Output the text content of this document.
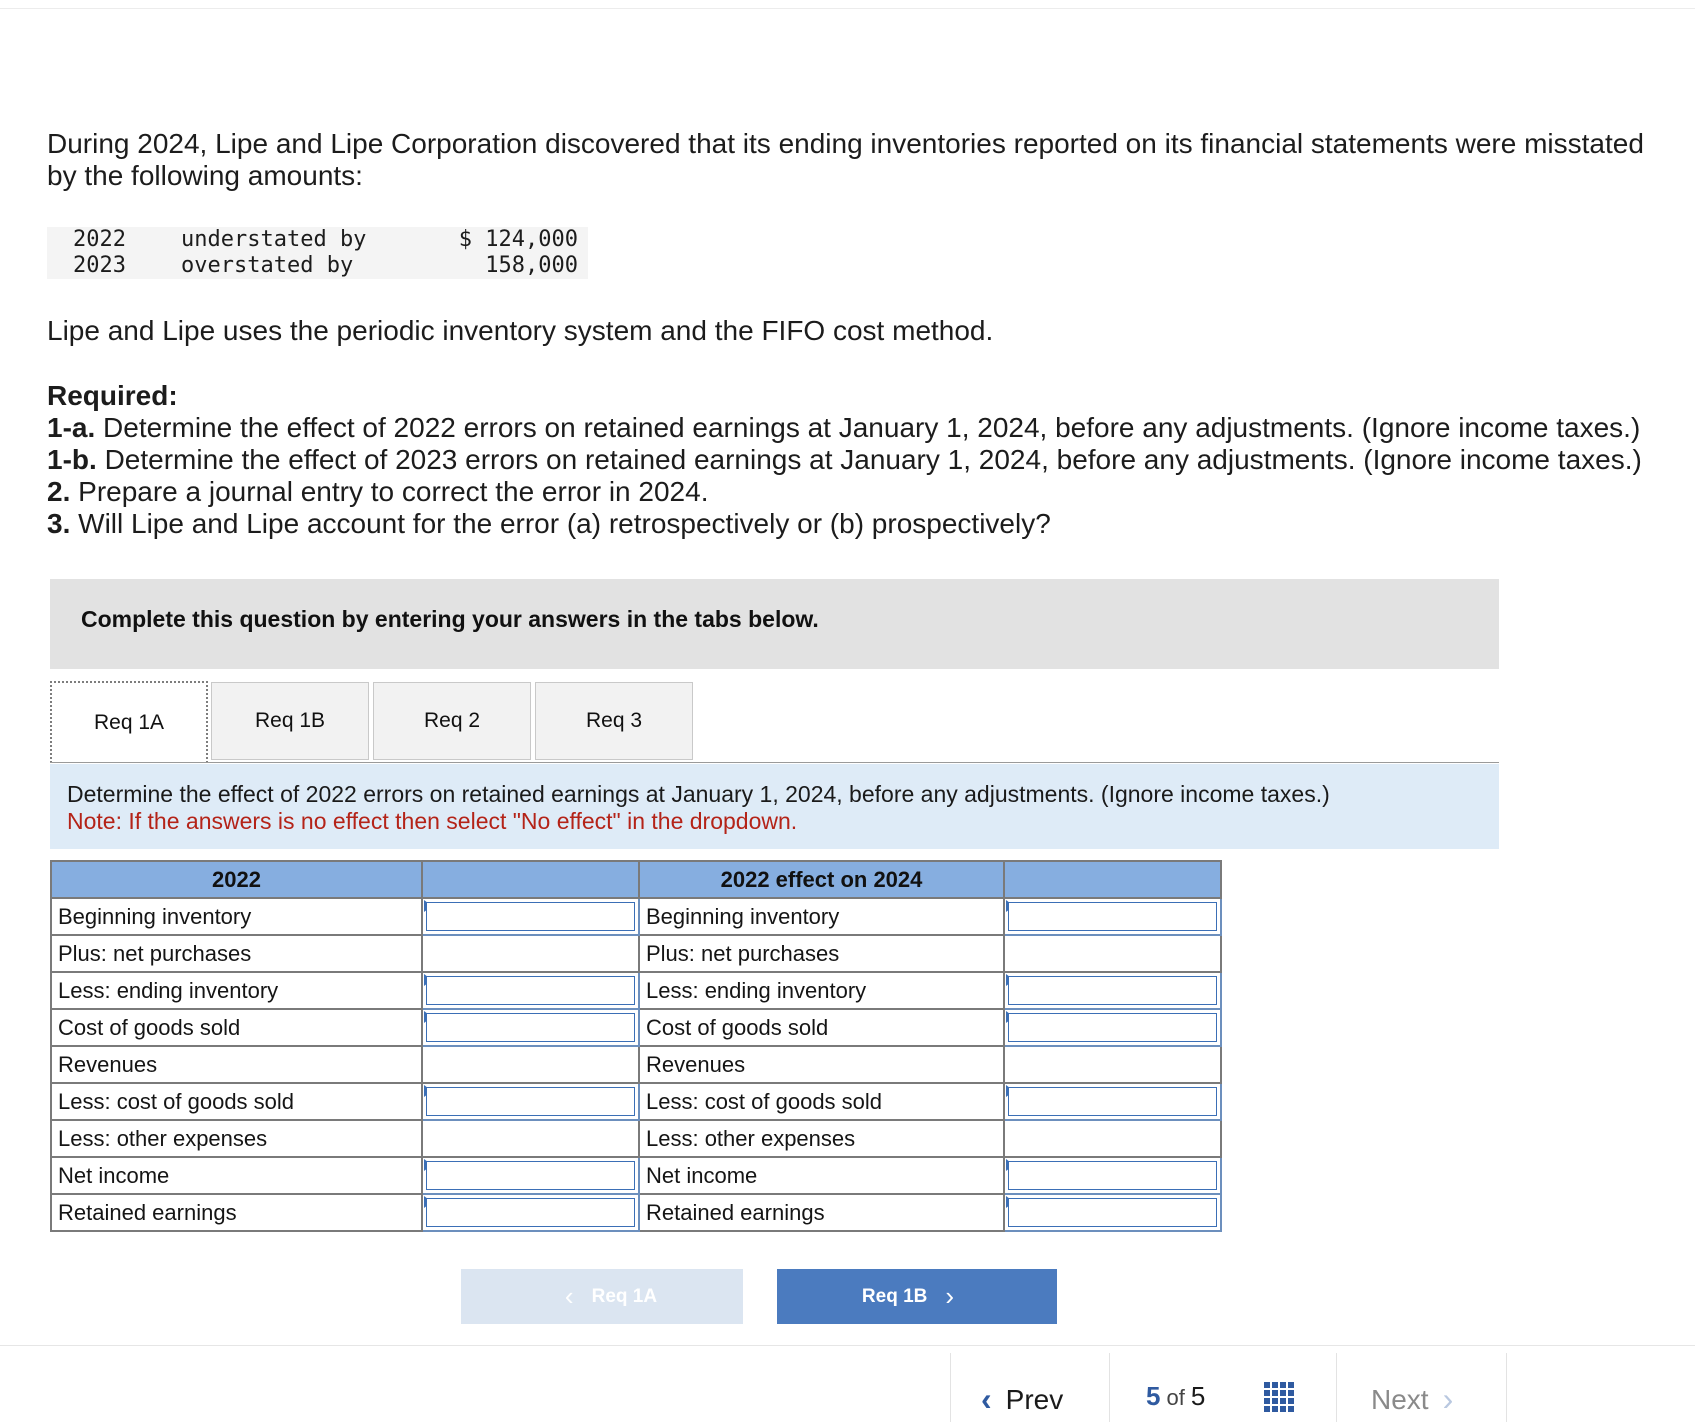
During 2024, Lipe and Lipe Corporation discovered that its ending inventories reported on its financial statements were misstated by the following amounts:
2022	understated by	$ 124,000
2023	overstated by	158,000
Lipe and Lipe uses the periodic inventory system and the FIFO cost method.
Required:
1-a. Determine the effect of 2022 errors on retained earnings at January 1, 2024, before any adjustments. (Ignore income taxes.)
1-b. Determine the effect of 2023 errors on retained earnings at January 1, 2024, before any adjustments. (Ignore income taxes.)
2. Prepare a journal entry to correct the error in 2024.
3. Will Lipe and Lipe account for the error (a) retrospectively or (b) prospectively?
Complete this question by entering your answers in the tabs below.
Req 1A	Req 1B	Req 2	Req 3
Determine the effect of 2022 errors on retained earnings at January 1, 2024, before any adjustments. (Ignore income taxes.)
Note: If the answers is no effect then select "No effect" in the dropdown.
2022		2022 effect on 2024	
Beginning inventory		Beginning inventory	

Plus: net purchases		Plus: net purchases	
Less: ending inventory		Less: ending inventory	

Cost of goods sold		Cost of goods sold	

Revenues		Revenues	
Less: cost of goods sold		Less: cost of goods sold	

Less: other expenses		Less: other expenses	
Net income		Net income	

Retained earnings		Retained earnings	
‹ Req 1A	Req 1B ›
‹ Prev	5 of 5	Next ›
